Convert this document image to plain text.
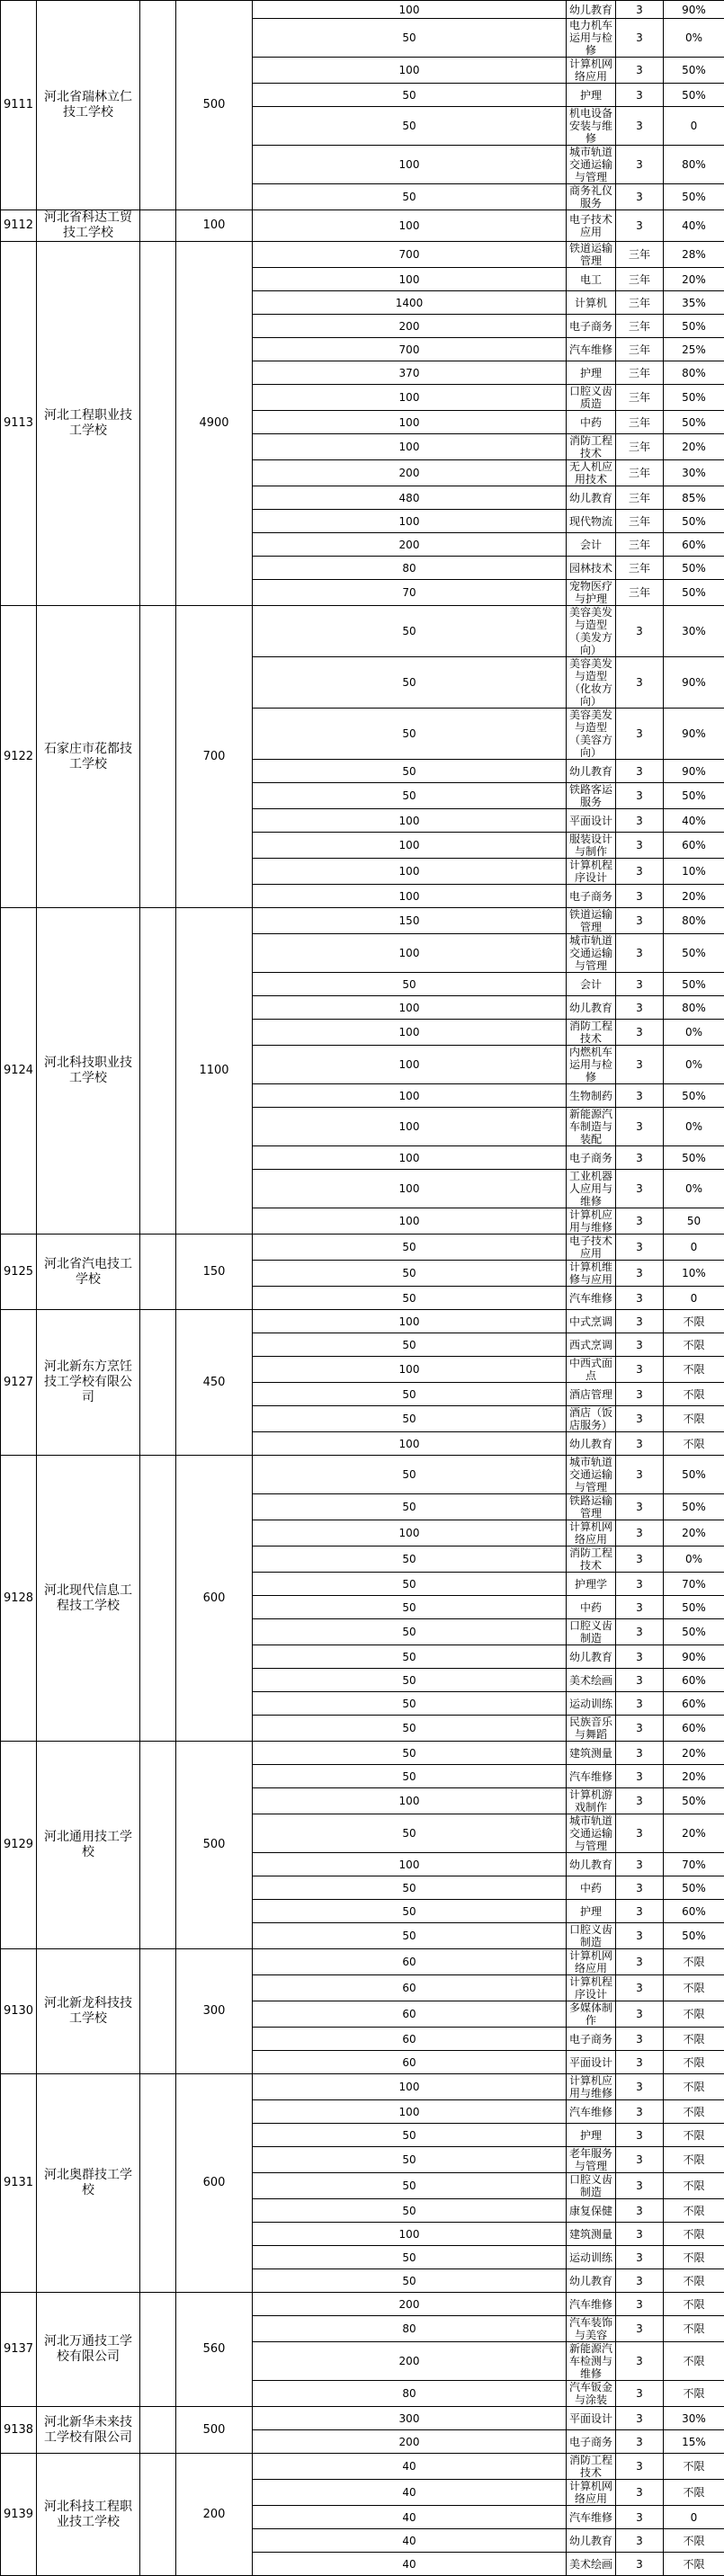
9111	河北省瑞林立仁技工学校		500	100	幼儿教育	3	90%
				50	电力机车运用与检修	3	0%
				100	计算机网络应用	3	50%
				50	护理	3	50%
				50	机电设备安装与维修	3	0
				100	城市轨道交通运输与管理	3	80%
				50	商务礼仪服务	3	50%
9112	河北省科达工贸技工学校		100	100	电子技术应用	3	40%
9113	河北工程职业技工学校		4900	700	铁道运输管理	三年	28%
				100	电工	三年	20%
				1400	计算机	三年	35%
				200	电子商务	三年	50%
				700	汽车维修	三年	25%
				370	护理	三年	80%
				100	口腔义齿质造	三年	50%
				100	中药	三年	50%
				100	消防工程技术	三年	20%
				200	无人机应用技术	三年	30%
				480	幼儿教育	三年	85%
				100	现代物流	三年	50%
				200	会计	三年	60%
				80	园林技术	三年	50%
				70	宠物医疗与护理	三年	50%
9122	石家庄市花都技工学校		700	50	美容美发与造型（美发方向）	3	30%
				50	美容美发与造型（化妆方向）	3	90%
				50	美容美发与造型（美容方向）	3	90%
				50	幼儿教育	3	90%
				50	铁路客运服务	3	50%
				100	平面设计	3	40%
				100	服装设计与制作	3	60%
				100	计算机程序设计	3	10%
				100	电子商务	3	20%
9124	河北科技职业技工学校		1100	150	铁道运输管理	3	80%
				100	城市轨道交通运输与管理	3	50%
				50	会计	3	50%
				100	幼儿教育	3	80%
				100	消防工程技术	3	0%
				100	内燃机车运用与检修	3	0%
				100	生物制药	3	50%
				100	新能源汽车制造与装配	3	0%
				100	电子商务	3	50%
				100	工业机器人应用与维修	3	0%
				100	计算机应用与维修	3	50
9125	河北省汽电技工学校		150	50	电子技术应用	3	0
				50	计算机维修与应用	3	10%
				50	汽车维修	3	0
9127	河北新东方烹饪技工学校有限公司		450	100	中式烹调	3	不限
				50	西式烹调	3	不限
				100	中西式面点	3	不限
				50	酒店管理	3	不限
				50	酒店（饭店服务）	3	不限
				100	幼儿教育	3	不限
9128	河北现代信息工程技工学校		600	50	城市轨道交通运输与管理	3	50%
				50	铁路运输管理	3	50%
				100	计算机网络应用	3	20%
				50	消防工程技术	3	0%
				50	护理学	3	70%
				50	中药	3	50%
				50	口腔义齿制造	3	50%
				50	幼儿教育	3	90%
				50	美术绘画	3	60%
				50	运动训练	3	60%
				50	民族音乐与舞蹈	3	60%
9129	河北通用技工学校		500	50	建筑测量	3	20%
				50	汽车维修	3	20%
				100	计算机游戏制作	3	50%
				50	城市轨道交通运输与管理	3	20%
				100	幼儿教育	3	70%
				50	中药	3	50%
				50	护理	3	60%
				50	口腔义齿制造	3	50%
9130	河北新龙科技技工学校		300	60	计算机网络应用	3	不限
				60	计算机程序设计	3	不限
				60	多媒体制作	3	不限
				60	电子商务	3	不限
				60	平面设计	3	不限
9131	河北奥群技工学校		600	100	计算机应用与维修	3	不限
				100	汽车维修	3	不限
				50	护理	3	不限
				50	老年服务与管理	3	不限
				50	口腔义齿制造	3	不限
				50	康复保健	3	不限
				100	建筑测量	3	不限
				50	运动训练	3	不限
				50	幼儿教育	3	不限
9137	河北万通技工学校有限公司		560	200	汽车维修	3	不限
				80	汽车装饰与美容	3	不限
				200	新能源汽车检测与维修	3	不限
				80	汽车钣金与涂装	3	不限
9138	河北新华未来技工学校有限公司		500	300	平面设计	3	30%
				200	电子商务	3	15%
9139	河北科技工程职业技工学校		200	40	消防工程技术	3	不限
				40	计算机网络应用	3	不限
				40	汽车维修	3	0
				40	幼儿教育	3	不限
				40	美术绘画	3	不限
